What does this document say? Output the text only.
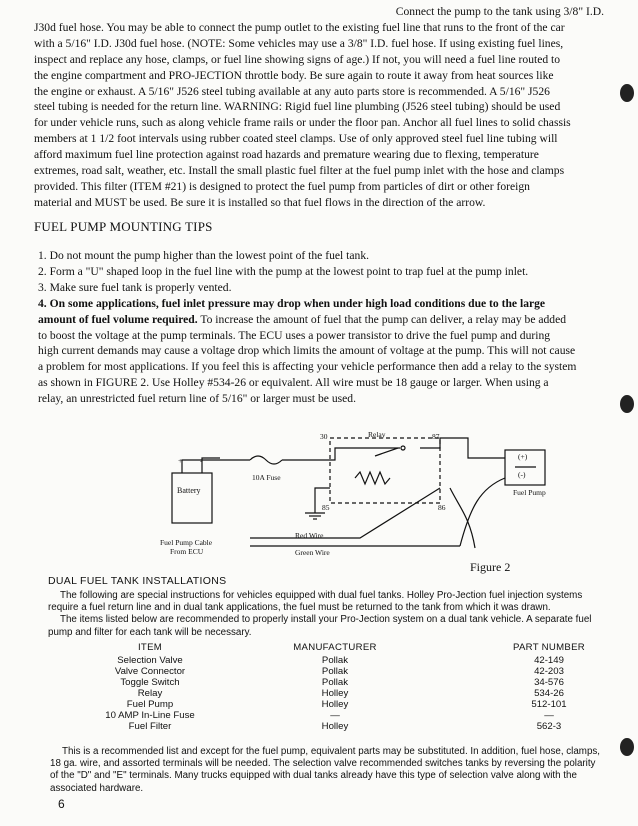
Connect the pump to the tank using 3/8" I.D.
J30d fuel hose. You may be able to connect the pump outlet to the existing fuel line that runs to the front of the car
with a 5/16" I.D. J30d fuel hose. (NOTE: Some vehicles may use a 3/8" I.D. fuel hose. If using existing fuel lines,
inspect and replace any hose, clamps, or fuel line showing signs of age.) If not, you will need a fuel line routed to
the engine compartment and PRO-JECTION throttle body. Be sure again to route it away from heat sources like
the engine or exhaust. A 5/16" J526 steel tubing available at any auto parts store is recommended. A 5/16" J526
steel tubing is needed for the return line. WARNING: Rigid fuel line plumbing (J526 steel tubing) should be used
for under vehicle runs, such as along vehicle frame rails or under the floor pan. Anchor all fuel lines to solid chassis
members at 1 1/2 foot intervals using rubber coated steel clamps. Use of only approved steel fuel line tubing will
afford maximum fuel line protection against road hazards and premature wearing due to flexing, temperature
extremes, road salt, weather, etc. Install the small plastic fuel filter at the fuel pump inlet with the hose and clamps
provided. This filter (ITEM #21) is designed to protect the fuel pump from particles of dirt or other foreign
material and MUST be used. Be sure it is installed so that fuel flows in the direction of the arrow.
FUEL PUMP MOUNTING TIPS
1. Do not mount the pump higher than the lowest point of the fuel tank.
2. Form a "U" shaped loop in the fuel line with the pump at the lowest point to trap fuel at the pump inlet.
3. Make sure fuel tank is properly vented.
4. On some applications, fuel inlet pressure may drop when under high load conditions due to the large
amount of fuel volume required. To increase the amount of fuel that the pump can deliver, a relay may be added
to boost the voltage at the pump terminals. The ECU uses a power transistor to drive the fuel pump and during
high current demands may cause a voltage drop which limits the amount of voltage at the pump. This will not cause
a problem for most applications. If you feel this is affecting your vehicle performance then add a relay to the system
as shown in FIGURE 2. Use Holley #534-26 or equivalent. All wire must be 18 gauge or larger. When using a
relay, an unrestricted fuel return line of 5/16" or larger must be used.
Battery
+ -
10A Fuse
Relay
30	87
85	86
(+)
(-)
Fuel Pump
Fuel Pump Cable
From ECU
Red Wire
Green Wire
Figure 2
DUAL FUEL TANK INSTALLATIONS
The following are special instructions for vehicles equipped with dual fuel tanks. Holley Pro-Jection fuel injection systems
require a fuel return line and in dual tank applications, the fuel must be returned to the tank from which it was drawn.
The items listed below are recommended to properly install your Pro-Jection system on a dual tank vehicle. A separate fuel
pump and filter for each tank will be necessary.
ITEM
Selection Valve
Valve Connector
Toggle Switch
Relay
Fuel Pump
10 AMP In-Line Fuse
Fuel Filter
MANUFACTURER
Pollak
Pollak
Pollak
Holley
Holley
—
Holley
PART NUMBER
42-149
42-203
34-576
534-26
512-101
—
562-3
This is a recommended list and except for the fuel pump, equivalent parts may be substituted. In addition, fuel hose, clamps,
18 ga. wire, and assorted terminals will be needed. The selection valve recommended switches tanks by reversing the polarity
of the "D" and "E" terminals. Many trucks equipped with dual tanks already have this type of selection valve along with the
associated hardware.
6
